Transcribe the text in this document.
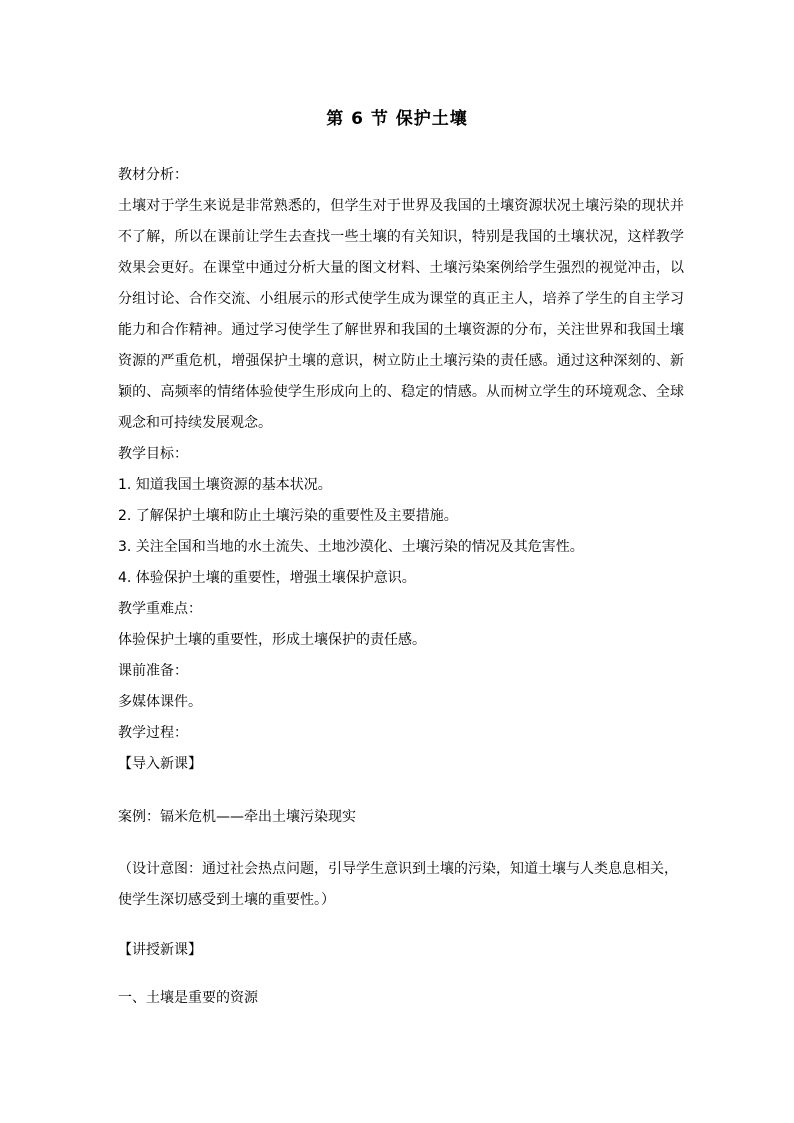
第 6 节 保护土壤

教材分析：

土壤对于学生来说是非常熟悉的，但学生对于世界及我国的土壤资源状况土壤污染的现状并不了解，所以在课前让学生去查找一些土壤的有关知识，特别是我国的土壤状况，这样教学效果会更好。在课堂中通过分析大量的图文材料、土壤污染案例给学生强烈的视觉冲击，以分组讨论、合作交流、小组展示的形式使学生成为课堂的真正主人，培养了学生的自主学习能力和合作精神。通过学习使学生了解世界和我国的土壤资源的分布，关注世界和我国土壤资源的严重危机，增强保护土壤的意识，树立防止土壤污染的责任感。通过这种深刻的、新颖的、高频率的情绪体验使学生形成向上的、稳定的情感。从而树立学生的环境观念、全球观念和可持续发展观念。

教学目标：

1. 知道我国土壤资源的基本状况。

2. 了解保护土壤和防止土壤污染的重要性及主要措施。

3. 关注全国和当地的水土流失、土地沙漠化、土壤污染的情况及其危害性。

4. 体验保护土壤的重要性，增强土壤保护意识。

教学重难点：

体验保护土壤的重要性，形成土壤保护的责任感。

课前准备：

多媒体课件。

教学过程：

【导入新课】

案例：镉米危机——牵出土壤污染现实

（设计意图：通过社会热点问题，引导学生意识到土壤的污染，知道土壤与人类息息相关，使学生深切感受到土壤的重要性。）

【讲授新课】

一、土壤是重要的资源
